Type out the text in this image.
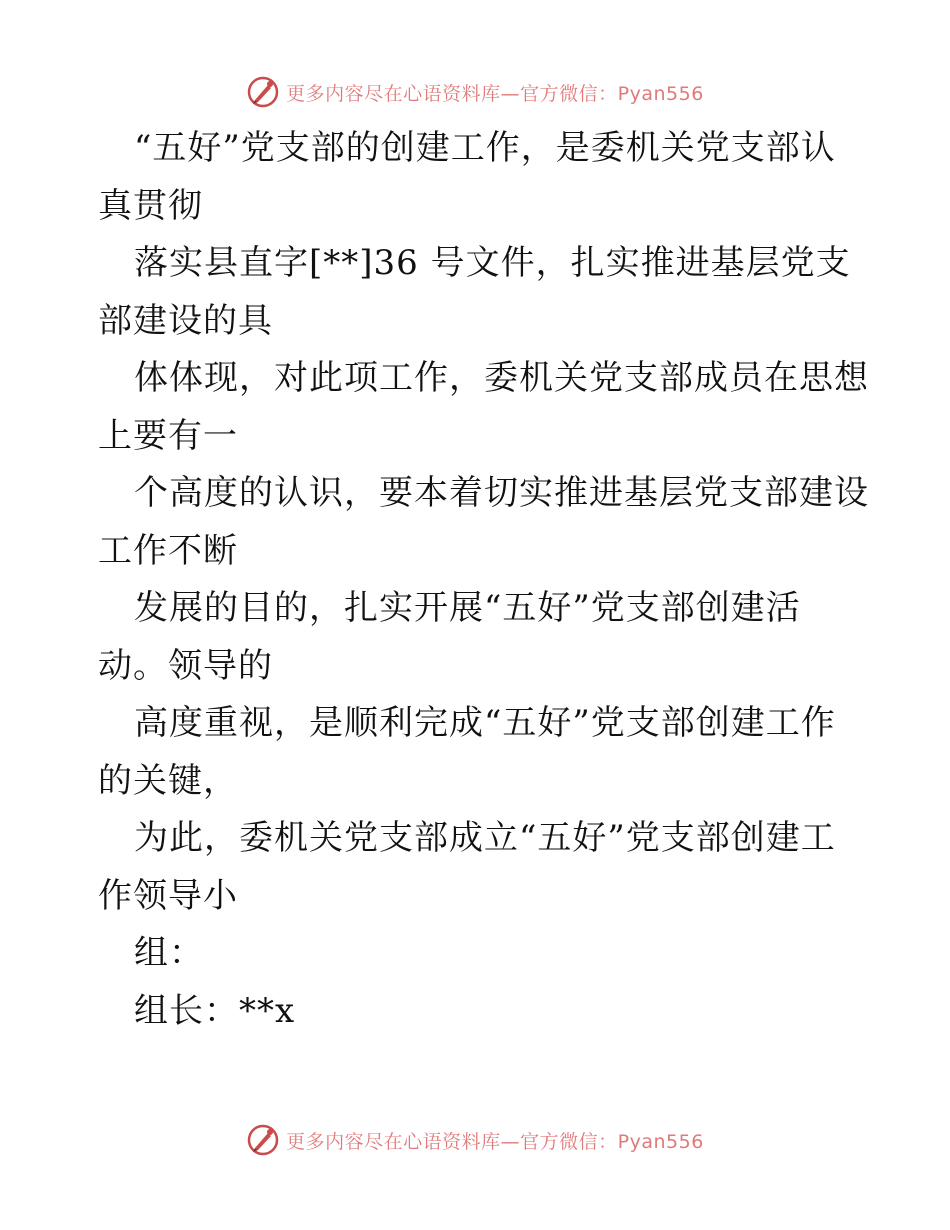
更多内容尽在心语资料库—官方微信：Pyan556
“五好”党支部的创建工作，是委机关党支部认
真贯彻
落实县直字[**]36 号文件，扎实推进基层党支
部建设的具
体体现，对此项工作，委机关党支部成员在思想
上要有一
个高度的认识，要本着切实推进基层党支部建设
工作不断
发展的目的，扎实开展“五好”党支部创建活
动。领导的
高度重视，是顺利完成“五好”党支部创建工作
的关键，
为此，委机关党支部成立“五好”党支部创建工
作领导小
组：
组长：**x
更多内容尽在心语资料库—官方微信：Pyan556
